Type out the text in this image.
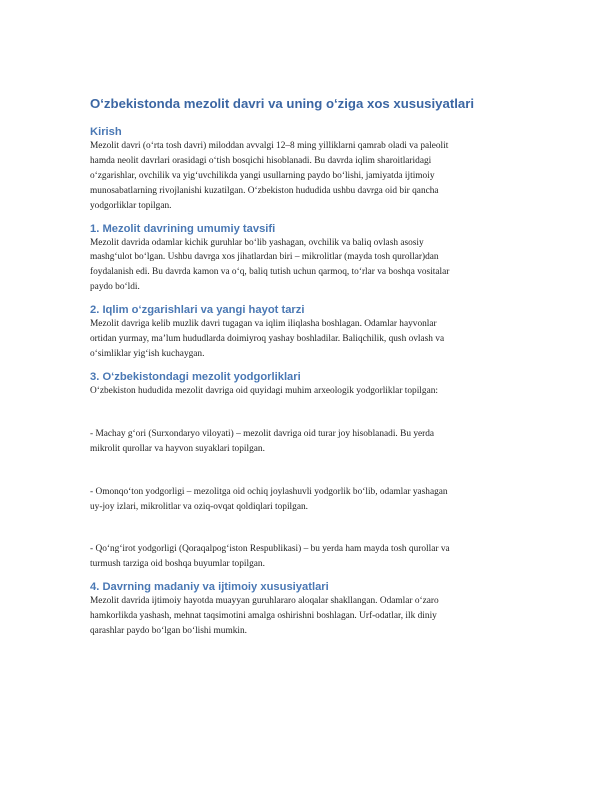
O‘zbekistonda mezolit davri va uning o‘ziga xos xususiyatlari
Kirish

Mezolit davri (o‘rta tosh davri) miloddan avvalgi 12–8 ming yilliklarni qamrab oladi va paleolit
hamda neolit davrlari orasidagi o‘tish bosqichi hisoblanadi. Bu davrda iqlim sharoitlaridagi
o‘zgarishlar, ovchilik va yig‘uvchilikda yangi usullarning paydo bo‘lishi, jamiyatda ijtimoiy
munosabatlarning rivojlanishi kuzatilgan. O‘zbekiston hududida ushbu davrga oid bir qancha
yodgorliklar topilgan.

1. Mezolit davrining umumiy tavsifi

Mezolit davrida odamlar kichik guruhlar bo‘lib yashagan, ovchilik va baliq ovlash asosiy
mashg‘ulot bo‘lgan. Ushbu davrga xos jihatlardan biri – mikrolitlar (mayda tosh qurollar)dan
foydalanish edi. Bu davrda kamon va o‘q, baliq tutish uchun qarmoq, to‘rlar va boshqa vositalar
paydo bo‘ldi.

2. Iqlim o‘zgarishlari va yangi hayot tarzi

Mezolit davriga kelib muzlik davri tugagan va iqlim iliqlasha boshlagan. Odamlar hayvonlar
ortidan yurmay, ma’lum hududlarda doimiyroq yashay boshladilar. Baliqchilik, qush ovlash va
o‘simliklar yig‘ish kuchaygan.

3. O‘zbekistondagi mezolit yodgorliklari

O‘zbekiston hududida mezolit davriga oid quyidagi muhim arxeologik yodgorliklar topilgan:

- Machay g‘ori (Surxondaryo viloyati) – mezolit davriga oid turar joy hisoblanadi. Bu yerda
mikrolit qurollar va hayvon suyaklari topilgan.

- Omonqo‘ton yodgorligi – mezolitga oid ochiq joylashuvli yodgorlik bo‘lib, odamlar yashagan
uy-joy izlari, mikrolitlar va oziq-ovqat qoldiqlari topilgan.

- Qo‘ng‘irot yodgorligi (Qoraqalpog‘iston Respublikasi) – bu yerda ham mayda tosh qurollar va
turmush tarziga oid boshqa buyumlar topilgan.

4. Davrning madaniy va ijtimoiy xususiyatlari

Mezolit davrida ijtimoiy hayotda muayyan guruhlararo aloqalar shakllangan. Odamlar o‘zaro
hamkorlikda yashash, mehnat taqsimotini amalga oshirishni boshlagan. Urf-odatlar, ilk diniy
qarashlar paydo bo‘lgan bo‘lishi mumkin.
